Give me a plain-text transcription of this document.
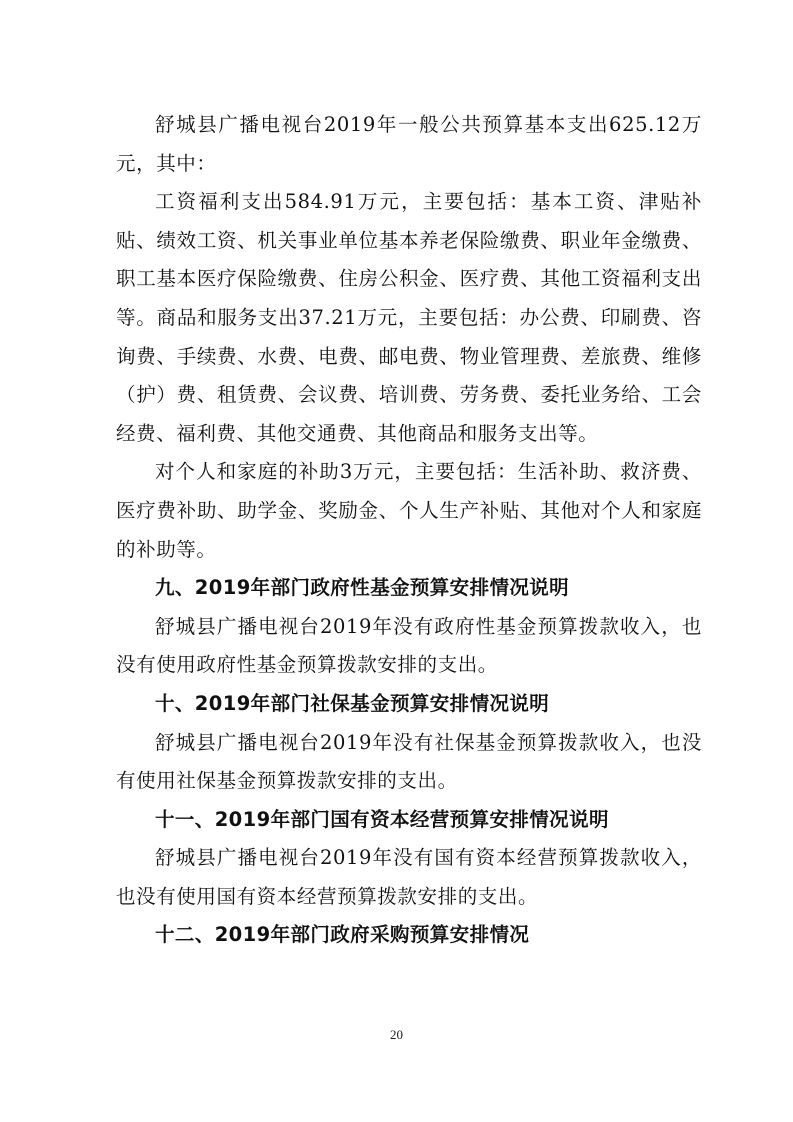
舒城县广播电视台2019年一般公共预算基本支出625.12万元，其中：

工资福利支出584.91万元，主要包括：基本工资、津贴补贴、绩效工资、机关事业单位基本养老保险缴费、职业年金缴费、职工基本医疗保险缴费、住房公积金、医疗费、其他工资福利支出等。商品和服务支出37.21万元，主要包括：办公费、印刷费、咨询费、手续费、水费、电费、邮电费、物业管理费、差旅费、维修（护）费、租赁费、会议费、培训费、劳务费、委托业务给、工会经费、福利费、其他交通费、其他商品和服务支出等。

对个人和家庭的补助3万元，主要包括：生活补助、救济费、医疗费补助、助学金、奖励金、个人生产补贴、其他对个人和家庭的补助等。

九、2019年部门政府性基金预算安排情况说明

舒城县广播电视台2019年没有政府性基金预算拨款收入，也没有使用政府性基金预算拨款安排的支出。

十、2019年部门社保基金预算安排情况说明

舒城县广播电视台2019年没有社保基金预算拨款收入，也没有使用社保基金预算拨款安排的支出。

十一、2019年部门国有资本经营预算安排情况说明

舒城县广播电视台2019年没有国有资本经营预算拨款收入，也没有使用国有资本经营预算拨款安排的支出。

十二、2019年部门政府采购预算安排情况
20
